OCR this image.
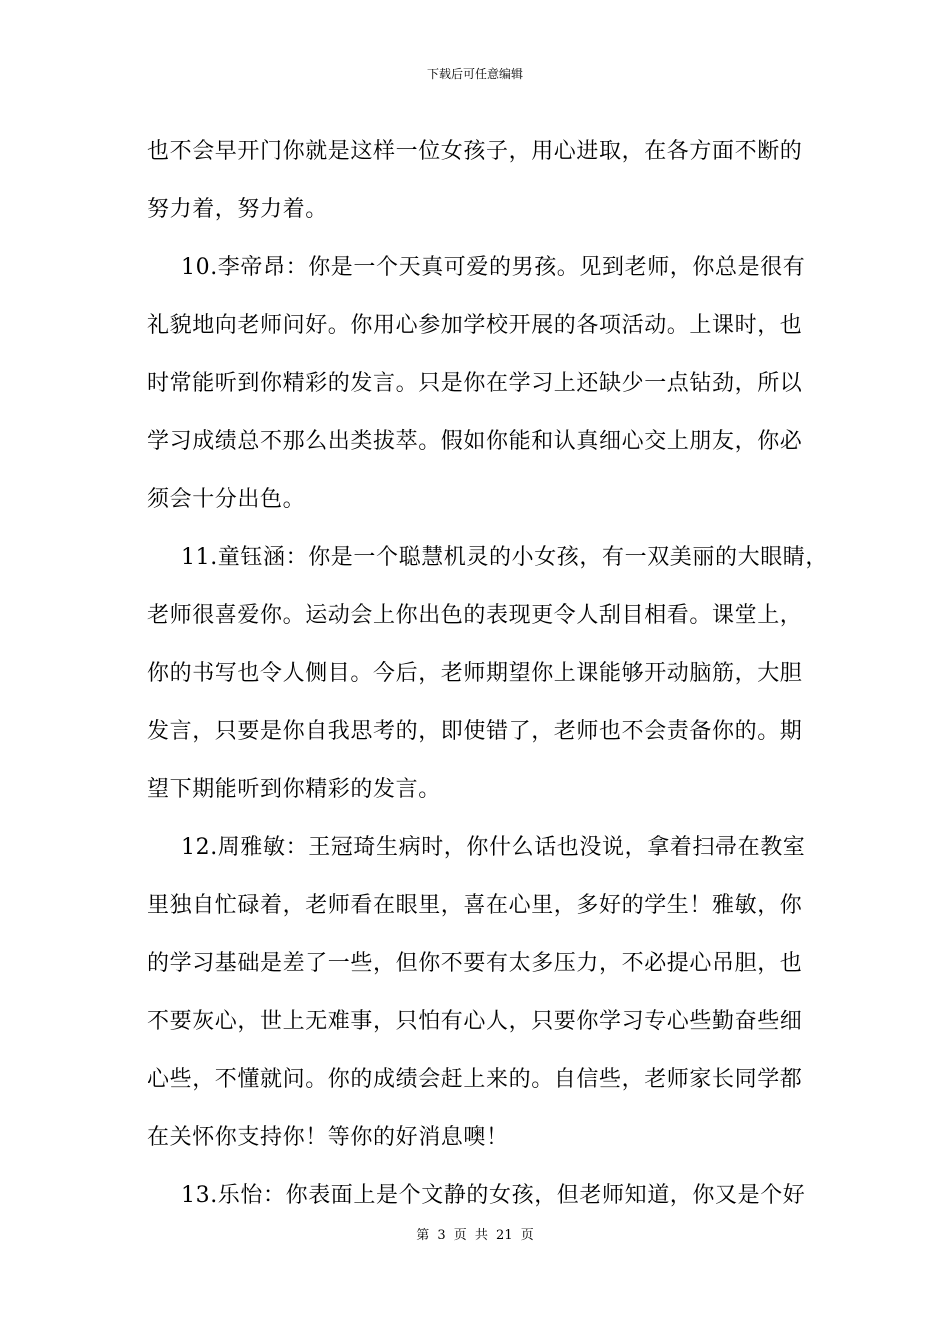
下载后可任意编辑
也不会早开门你就是这样一位女孩子，用心进取，在各方面不断的
努力着，努力着。
10.李帝昂：你是一个天真可爱的男孩。见到老师，你总是很有
礼貌地向老师问好。你用心参加学校开展的各项活动。上课时，也
时常能听到你精彩的发言。只是你在学习上还缺少一点钻劲，所以
学习成绩总不那么出类拔萃。假如你能和认真细心交上朋友，你必
须会十分出色。
11.童钰涵：你是一个聪慧机灵的小女孩，有一双美丽的大眼睛，
老师很喜爱你。运动会上你出色的表现更令人刮目相看。课堂上，
你的书写也令人侧目。今后，老师期望你上课能够开动脑筋，大胆
发言，只要是你自我思考的，即使错了，老师也不会责备你的。期
望下期能听到你精彩的发言。
12.周雅敏：王冠琦生病时，你什么话也没说，拿着扫帚在教室
里独自忙碌着，老师看在眼里，喜在心里，多好的学生！雅敏，你
的学习基础是差了一些，但你不要有太多压力，不必提心吊胆，也
不要灰心，世上无难事，只怕有心人，只要你学习专心些勤奋些细
心些，不懂就问。你的成绩会赶上来的。自信些，老师家长同学都
在关怀你支持你！等你的好消息噢！
13.乐怡：你表面上是个文静的女孩，但老师知道，你又是个好
第 3 页 共 21 页
